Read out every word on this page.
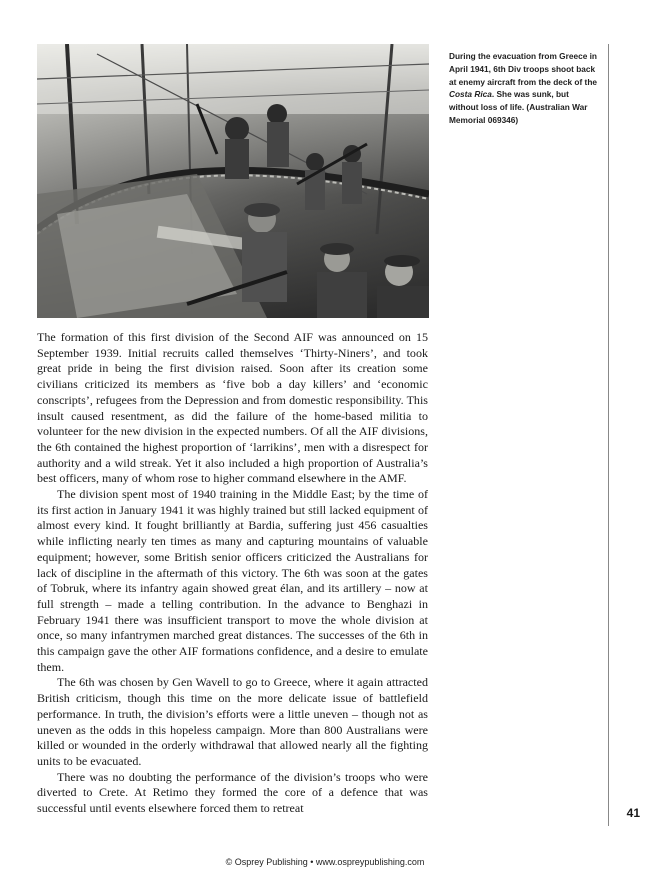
During the evacuation from Greece in April 1941, 6th Div troops shoot back at enemy aircraft from the deck of the Costa Rica. She was sunk, but without loss of life. (Australian War Memorial 069346)

The formation of this first division of the Second AIF was announced on 15 September 1939. Initial recruits called themselves ‘Thirty-Niners’, and took great pride in being the first division raised. Soon after its creation some civilians criticized its members as ‘five bob a day killers’ and ‘economic conscripts’, refugees from the Depression and from domestic responsibility. This insult caused resentment, as did the failure of the home-based militia to volunteer for the new division in the expected numbers. Of all the AIF divisions, the 6th contained the highest proportion of ‘larrikins’, men with a disrespect for authority and a wild streak. Yet it also included a high proportion of Australia’s best officers, many of whom rose to higher command elsewhere in the AMF.

The division spent most of 1940 training in the Middle East; by the time of its first action in January 1941 it was highly trained but still lacked equipment of almost every kind. It fought brilliantly at Bardia, suffering just 456 casualties while inflicting nearly ten times as many and capturing mountains of valuable equipment; however, some British senior officers criticized the Australians for lack of discipline in the aftermath of this victory. The 6th was soon at the gates of Tobruk, where its infantry again showed great élan, and its artillery – now at full strength – made a telling contribution. In the advance to Benghazi in February 1941 there was insufficient transport to move the whole division at once, so many infantrymen marched great distances. The successes of the 6th in this campaign gave the other AIF formations confidence, and a desire to emulate them.

The 6th was chosen by Gen Wavell to go to Greece, where it again attracted British criticism, though this time on the more delicate issue of battlefield performance. In truth, the division’s efforts were a little uneven – though not as uneven as the odds in this hopeless campaign. More than 800 Australians were killed or wounded in the orderly withdrawal that allowed nearly all the fighting units to be evacuated.

There was no doubting the performance of the division’s troops who were diverted to Crete. At Retimo they formed the core of a defence that was successful until events elsewhere forced them to retreat	41
© Osprey Publishing • www.ospreypublishing.com
